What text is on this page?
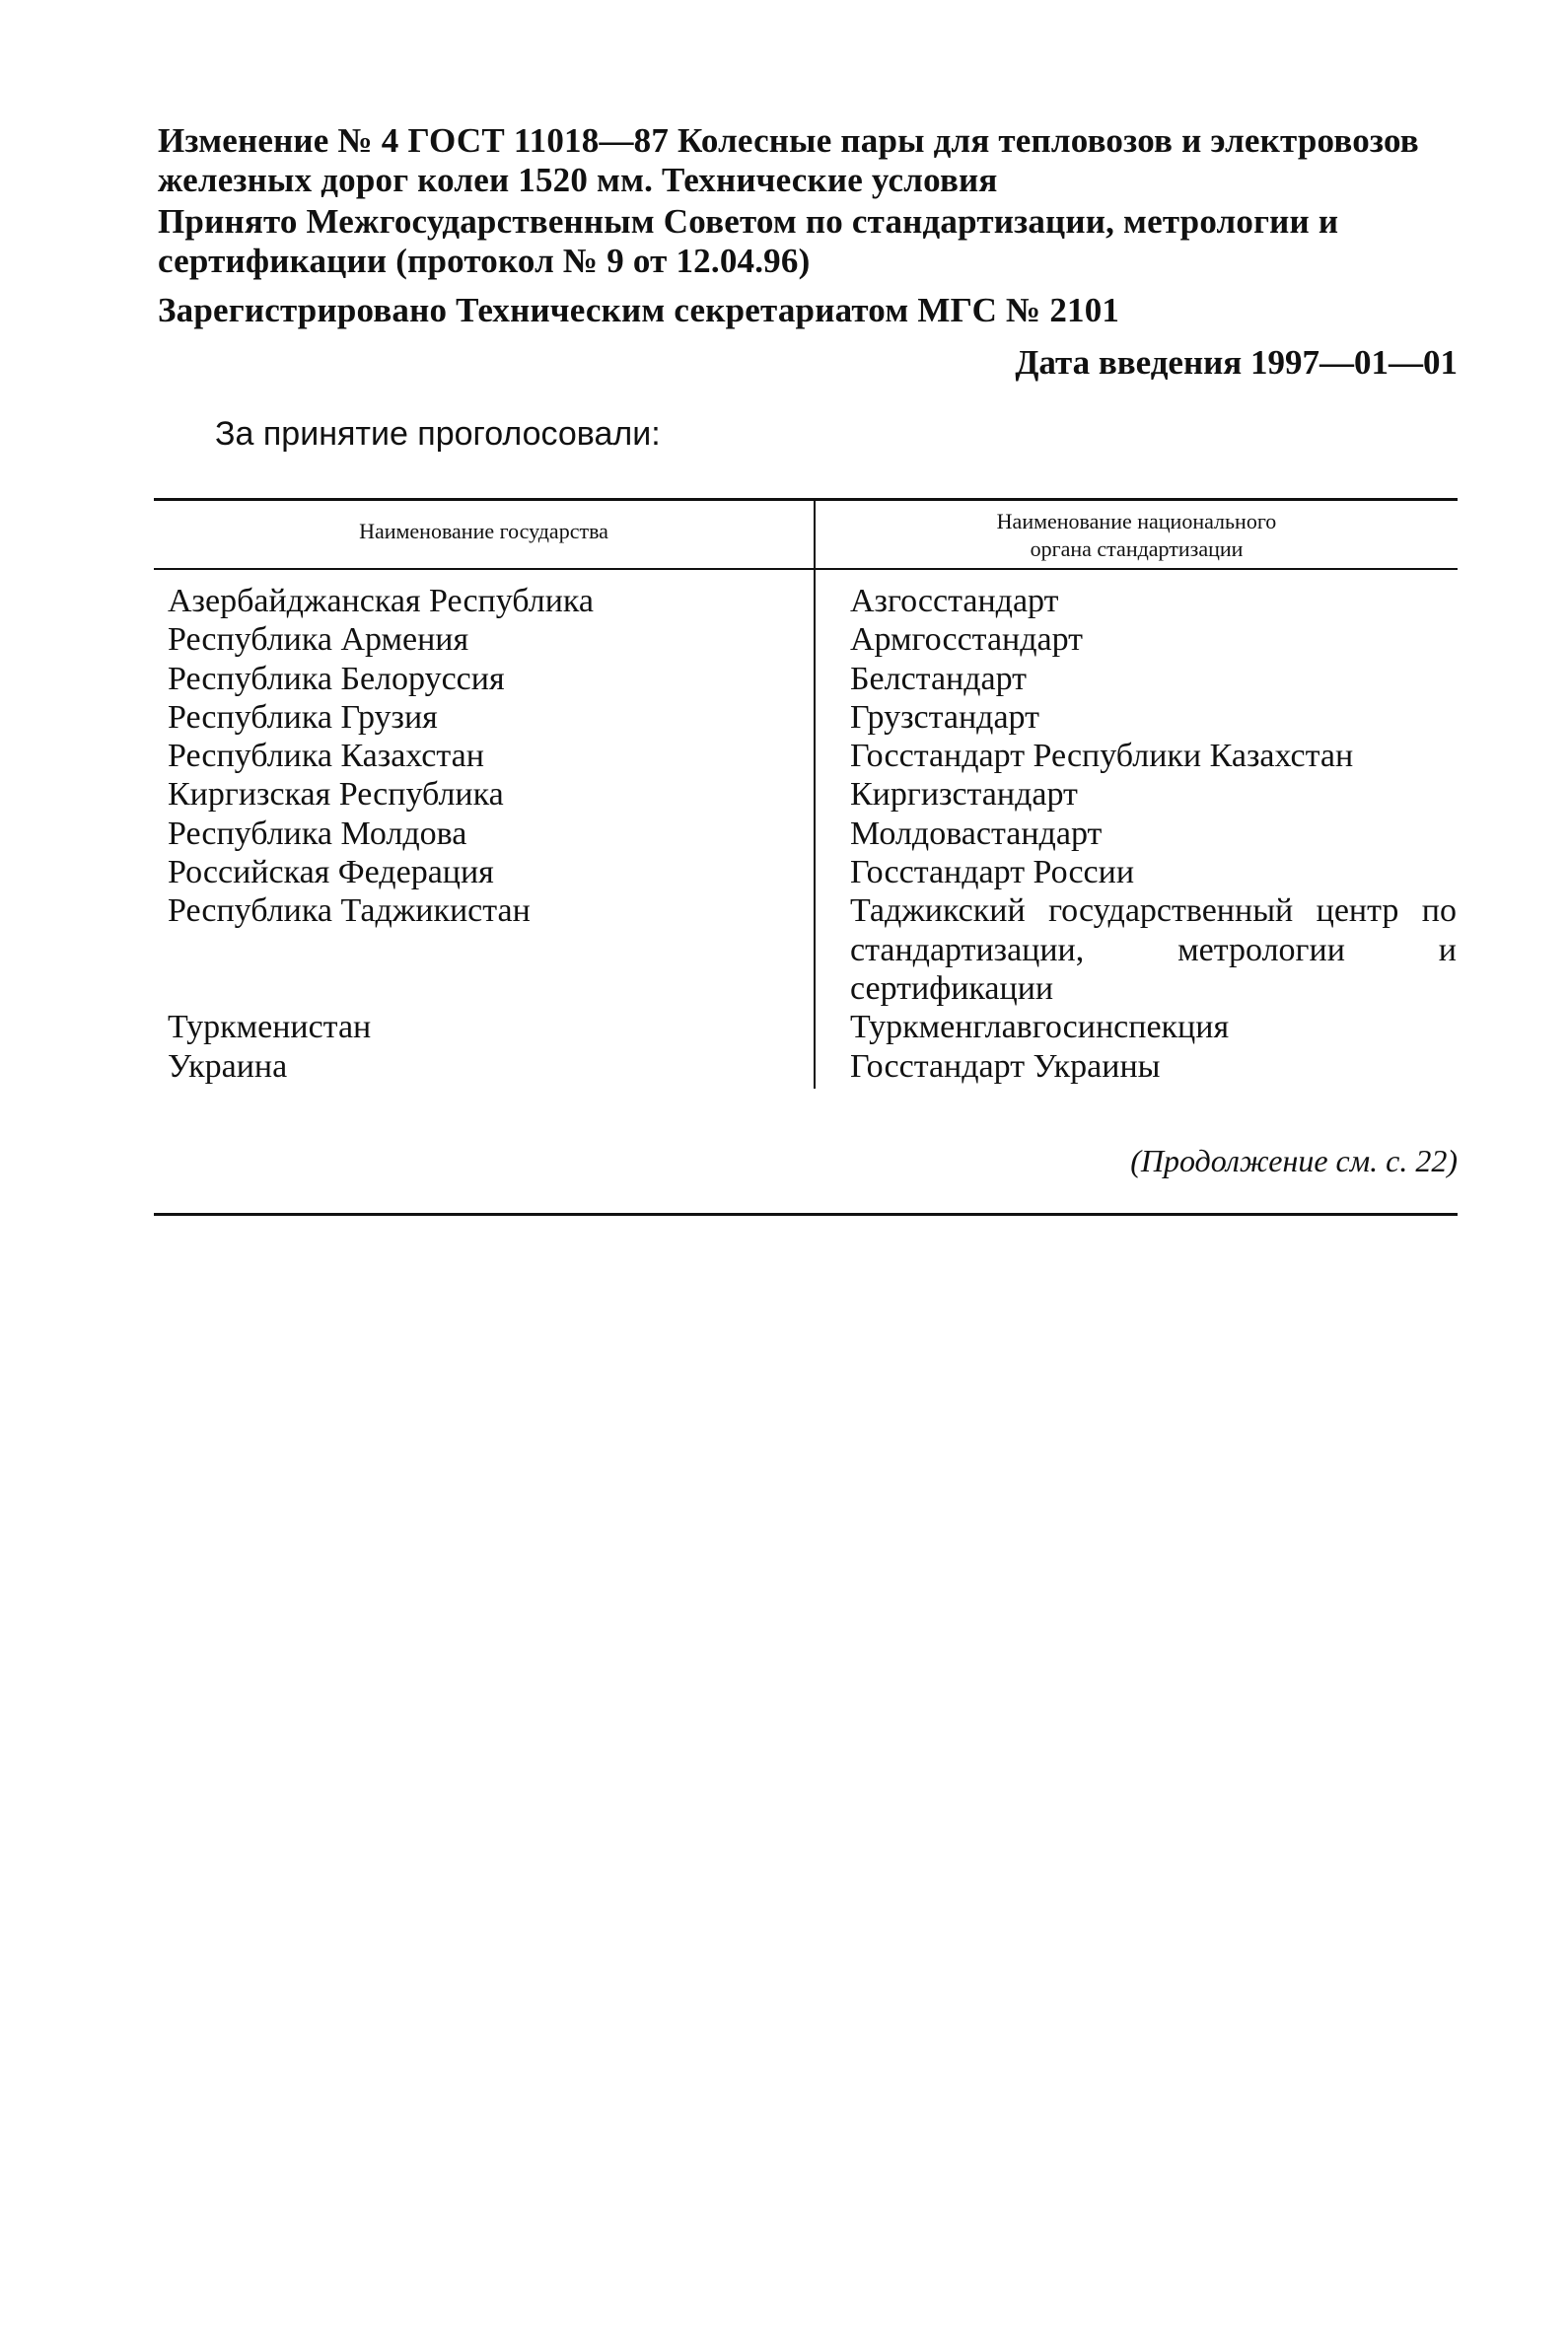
Изменение № 4 ГОСТ 11018—87 Колесные пары для тепловозов и электровозов железных дорог колеи 1520 мм. Технические условия
Принято Межгосударственным Советом по стандартизации, метрологии и сертификации (протокол № 9 от 12.04.96)
Зарегистрировано Техническим секретариатом МГС № 2101
Дата введения 1997—01—01
За принятие проголосовали:
Наименование государства	Наименование национального
органа стандартизации
Азербайджанская Республика	Азгосстандарт
Республика Армения	Армгосстандарт
Республика Белоруссия	Белстандарт
Республика Грузия	Грузстандарт
Республика Казахстан	Госстандарт Республики Казахстан
Киргизская Республика	Киргизстандарт
Республика Молдова	Молдовастандарт
Российская Федерация	Госстандарт России
Республика Таджикистан	Таджикский государственный центр по стандартизации, метрологии и сертификации
Туркменистан	Туркменглавгосинспекция
Украина	Госстандарт Украины
(Продолжение см. с. 22)
